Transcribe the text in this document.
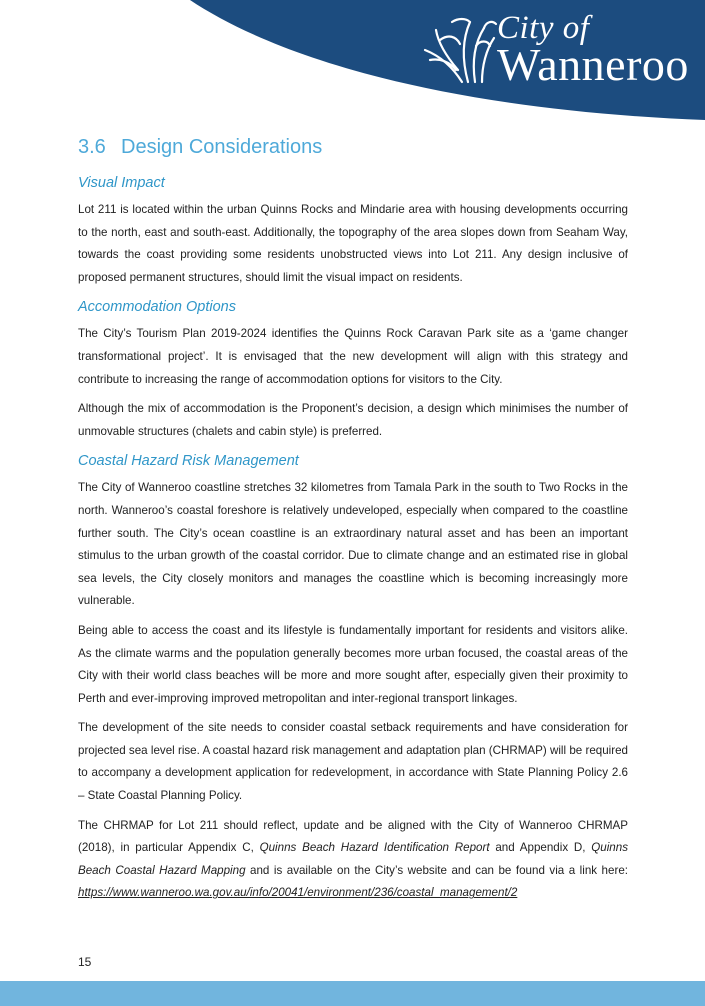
City of
Wanneroo
3.6 Design Considerations
Visual Impact

Lot 211 is located within the urban Quinns Rocks and Mindarie area with housing developments occurring to the north, east and south-east. Additionally, the topography of the area slopes down from Seaham Way, towards the coast providing some residents unobstructed views into Lot 211. Any design inclusive of proposed permanent structures, should limit the visual impact on residents.

Accommodation Options

The City’s Tourism Plan 2019-2024 identifies the Quinns Rock Caravan Park site as a ‘game changer transformational project’. It is envisaged that the new development will align with this strategy and contribute to increasing the range of accommodation options for visitors to the City.

Although the mix of accommodation is the Proponent’s decision, a design which minimises the number of unmovable structures (chalets and cabin style) is preferred.

Coastal Hazard Risk Management

The City of Wanneroo coastline stretches 32 kilometres from Tamala Park in the south to Two Rocks in the north. Wanneroo’s coastal foreshore is relatively undeveloped, especially when compared to the coastline further south. The City’s ocean coastline is an extraordinary natural asset and has been an important stimulus to the urban growth of the coastal corridor. Due to climate change and an estimated rise in global sea levels, the City closely monitors and manages the coastline which is becoming increasingly more vulnerable.

Being able to access the coast and its lifestyle is fundamentally important for residents and visitors alike. As the climate warms and the population generally becomes more urban focused, the coastal areas of the City with their world class beaches will be more and more sought after, especially given their proximity to Perth and ever-improving improved metropolitan and inter-regional transport linkages.

The development of the site needs to consider coastal setback requirements and have consideration for projected sea level rise. A coastal hazard risk management and adaptation plan (CHRMAP) will be required to accompany a development application for redevelopment, in accordance with State Planning Policy 2.6 – State Coastal Planning Policy.

The CHRMAP for Lot 211 should reflect, update and be aligned with the City of Wanneroo CHRMAP (2018), in particular Appendix C, Quinns Beach Hazard Identification Report and Appendix D, Quinns Beach Coastal Hazard Mapping and is available on the City’s website and can be found via a link here: https://www.wanneroo.wa.gov.au/info/20041/environment/236/coastal_management/2

15
